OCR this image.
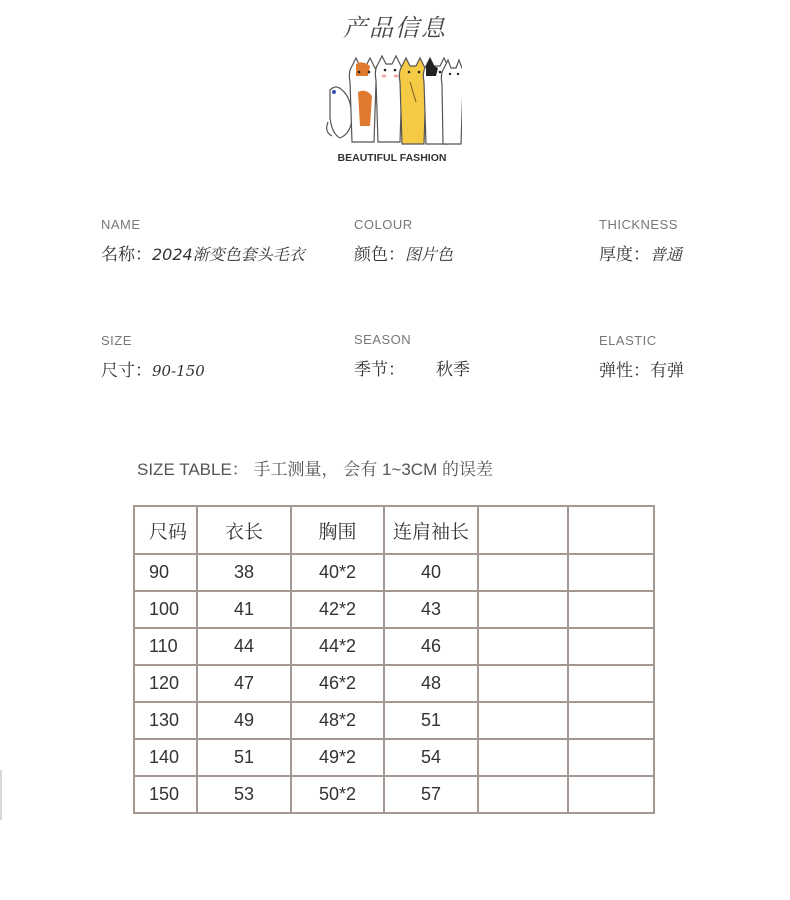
产品信息
BEAUTIFUL FASHION
NAME
名称：2024渐变色套头毛衣
COLOUR
颜色：图片色
THICKNESS
厚度：普通
SIZE
尺寸：90-150
SEASON
季节： 秋季
ELASTIC
弹性：有弹
SIZE TABLE： 手工测量， 会有 1~3CM 的误差
尺码	衣长	胸围	连肩袖长		
90	38	40*2	40		
100	41	42*2	43		
110	44	44*2	46		
120	47	46*2	48		
130	49	48*2	51		
140	51	49*2	54		
150	53	50*2	57		
